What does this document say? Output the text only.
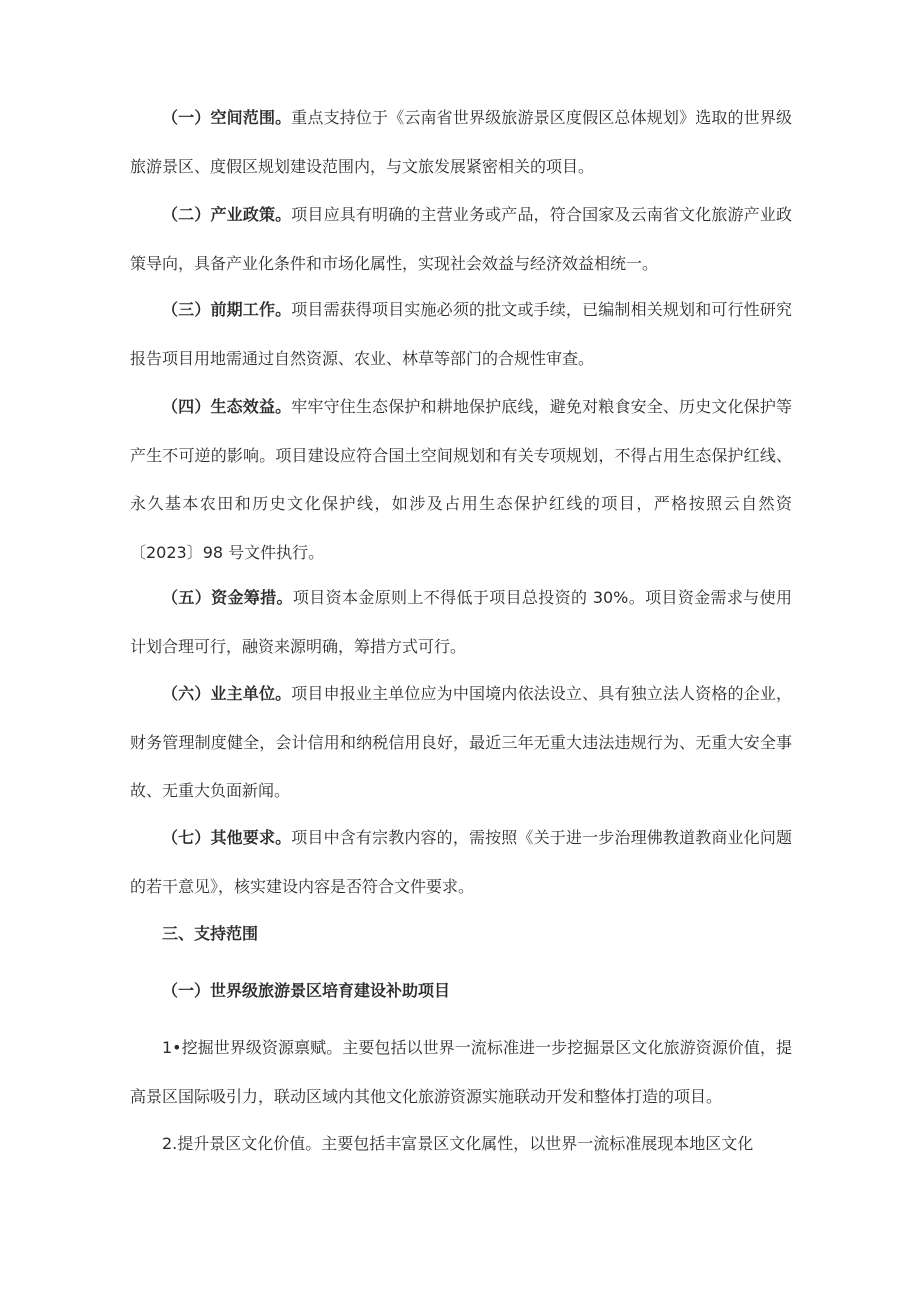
（一）空间范围。重点支持位于《云南省世界级旅游景区度假区总体规划》选取的世界级旅游景区、度假区规划建设范围内，与文旅发展紧密相关的项目。

（二）产业政策。项目应具有明确的主营业务或产品，符合国家及云南省文化旅游产业政策导向，具备产业化条件和市场化属性，实现社会效益与经济效益相统一。

（三）前期工作。项目需获得项目实施必须的批文或手续，已编制相关规划和可行性研究报告项目用地需通过自然资源、农业、林草等部门的合规性审查。

（四）生态效益。牢牢守住生态保护和耕地保护底线，避免对粮食安全、历史文化保护等产生不可逆的影响。项目建设应符合国土空间规划和有关专项规划，不得占用生态保护红线、永久基本农田和历史文化保护线，如涉及占用生态保护红线的项目，严格按照云自然资〔2023〕98 号文件执行。

（五）资金筹措。项目资本金原则上不得低于项目总投资的 30%。项目资金需求与使用计划合理可行，融资来源明确，筹措方式可行。

（六）业主单位。项目申报业主单位应为中国境内依法设立、具有独立法人资格的企业，财务管理制度健全，会计信用和纳税信用良好，最近三年无重大违法违规行为、无重大安全事故、无重大负面新闻。

（七）其他要求。项目中含有宗教内容的，需按照《关于进一步治理佛教道教商业化问题的若干意见》，核实建设内容是否符合文件要求。

三、支持范围

（一）世界级旅游景区培育建设补助项目

1•挖掘世界级资源禀赋。主要包括以世界一流标准进一步挖掘景区文化旅游资源价值，提高景区国际吸引力，联动区域内其他文化旅游资源实施联动开发和整体打造的项目。

2.提升景区文化价值。主要包括丰富景区文化属性，以世界一流标准展现本地区文化
